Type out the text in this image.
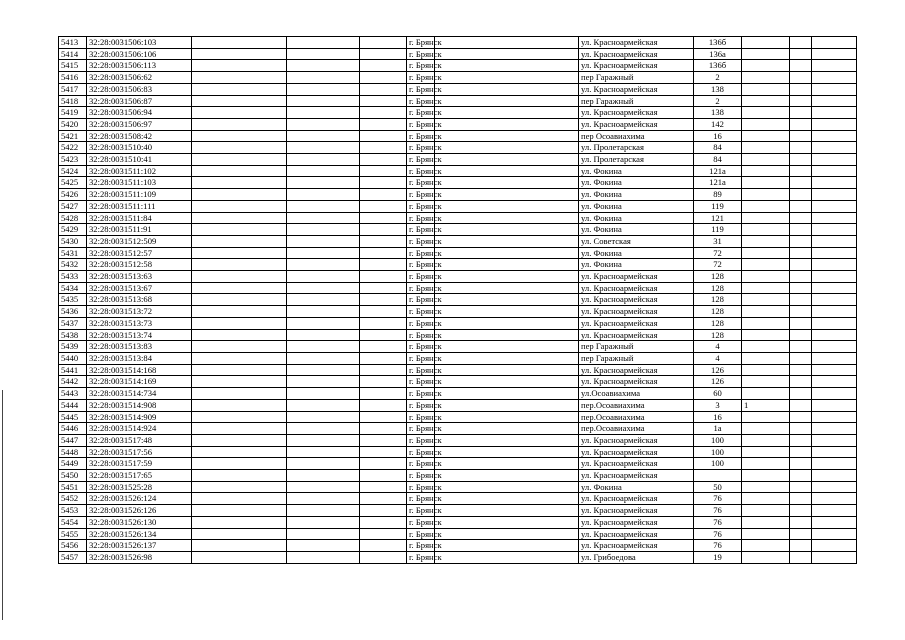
5413	32:28:0031506:103				г. Брянск		ул. Красноармейская	136б			
5414	32:28:0031506:106				г. Брянск		ул. Красноармейская	136а			
5415	32:28:0031506:113				г. Брянск		ул. Красноармейская	136б			
5416	32:28:0031506:62				г. Брянск		пер Гаражный	2			
5417	32:28:0031506:83				г. Брянск		ул. Красноармейская	138			
5418	32:28:0031506:87				г. Брянск		пер Гаражный	2			
5419	32:28:0031506:94				г. Брянск		ул. Красноармейская	138			
5420	32:28:0031506:97				г. Брянск		ул. Красноармейская	142			
5421	32:28:0031508:42				г. Брянск		пер Осоавиахима	16			
5422	32:28:0031510:40				г. Брянск		ул. Пролетарская	84			
5423	32:28:0031510:41				г. Брянск		ул. Пролетарская	84			
5424	32:28:0031511:102				г. Брянск		ул. Фокина	121а			
5425	32:28:0031511:103				г. Брянск		ул. Фокина	121а			
5426	32:28:0031511:109				г. Брянск		ул. Фокина	89			
5427	32:28:0031511:111				г. Брянск		ул. Фокина	119			
5428	32:28:0031511:84				г. Брянск		ул. Фокина	121			
5429	32:28:0031511:91				г. Брянск		ул. Фокина	119			
5430	32:28:0031512:509				г. Брянск		ул. Советская	31			
5431	32:28:0031512:57				г. Брянск		ул. Фокина	72			
5432	32:28:0031512:58				г. Брянск		ул. Фокина	72			
5433	32:28:0031513:63				г. Брянск		ул. Красноармейская	128			
5434	32:28:0031513:67				г. Брянск		ул. Красноармейская	128			
5435	32:28:0031513:68				г. Брянск		ул. Красноармейская	128			
5436	32:28:0031513:72				г. Брянск		ул. Красноармейская	128			
5437	32:28:0031513:73				г. Брянск		ул. Красноармейская	128			
5438	32:28:0031513:74				г. Брянск		ул. Красноармейская	128			
5439	32:28:0031513:83				г. Брянск		пер Гаражный	4			
5440	32:28:0031513:84				г. Брянск		пер Гаражный	4			
5441	32:28:0031514:168				г. Брянск		ул. Красноармейская	126			
5442	32:28:0031514:169				г. Брянск		ул. Красноармейская	126			
5443	32:28:0031514:734				г. Брянск		ул.Осоавиахима	60			
5444	32:28:0031514:908				г. Брянск		пер.Осоавиахима	3	1		
5445	32:28:0031514:909				г. Брянск		пер.Осоавиахима	16			
5446	32:28:0031514:924				г. Брянск		пер.Осоавиахима	1а			
5447	32:28:0031517:48				г. Брянск		ул. Красноармейская	100			
5448	32:28:0031517:56				г. Брянск		ул. Красноармейская	100			
5449	32:28:0031517:59				г. Брянск		ул. Красноармейская	100			
5450	32:28:0031517:65				г. Брянск		ул. Красноармейская				
5451	32:28:0031525:28				г. Брянск		ул. Фокина	50			
5452	32:28:0031526:124				г. Брянск		ул. Красноармейская	76			
5453	32:28:0031526:126				г. Брянск		ул. Красноармейская	76			
5454	32:28:0031526:130				г. Брянск		ул. Красноармейская	76			
5455	32:28:0031526:134				г. Брянск		ул. Красноармейская	76			
5456	32:28:0031526:137				г. Брянск		ул. Красноармейская	76			
5457	32:28:0031526:98				г. Брянск		ул. Грибоедова	19			
